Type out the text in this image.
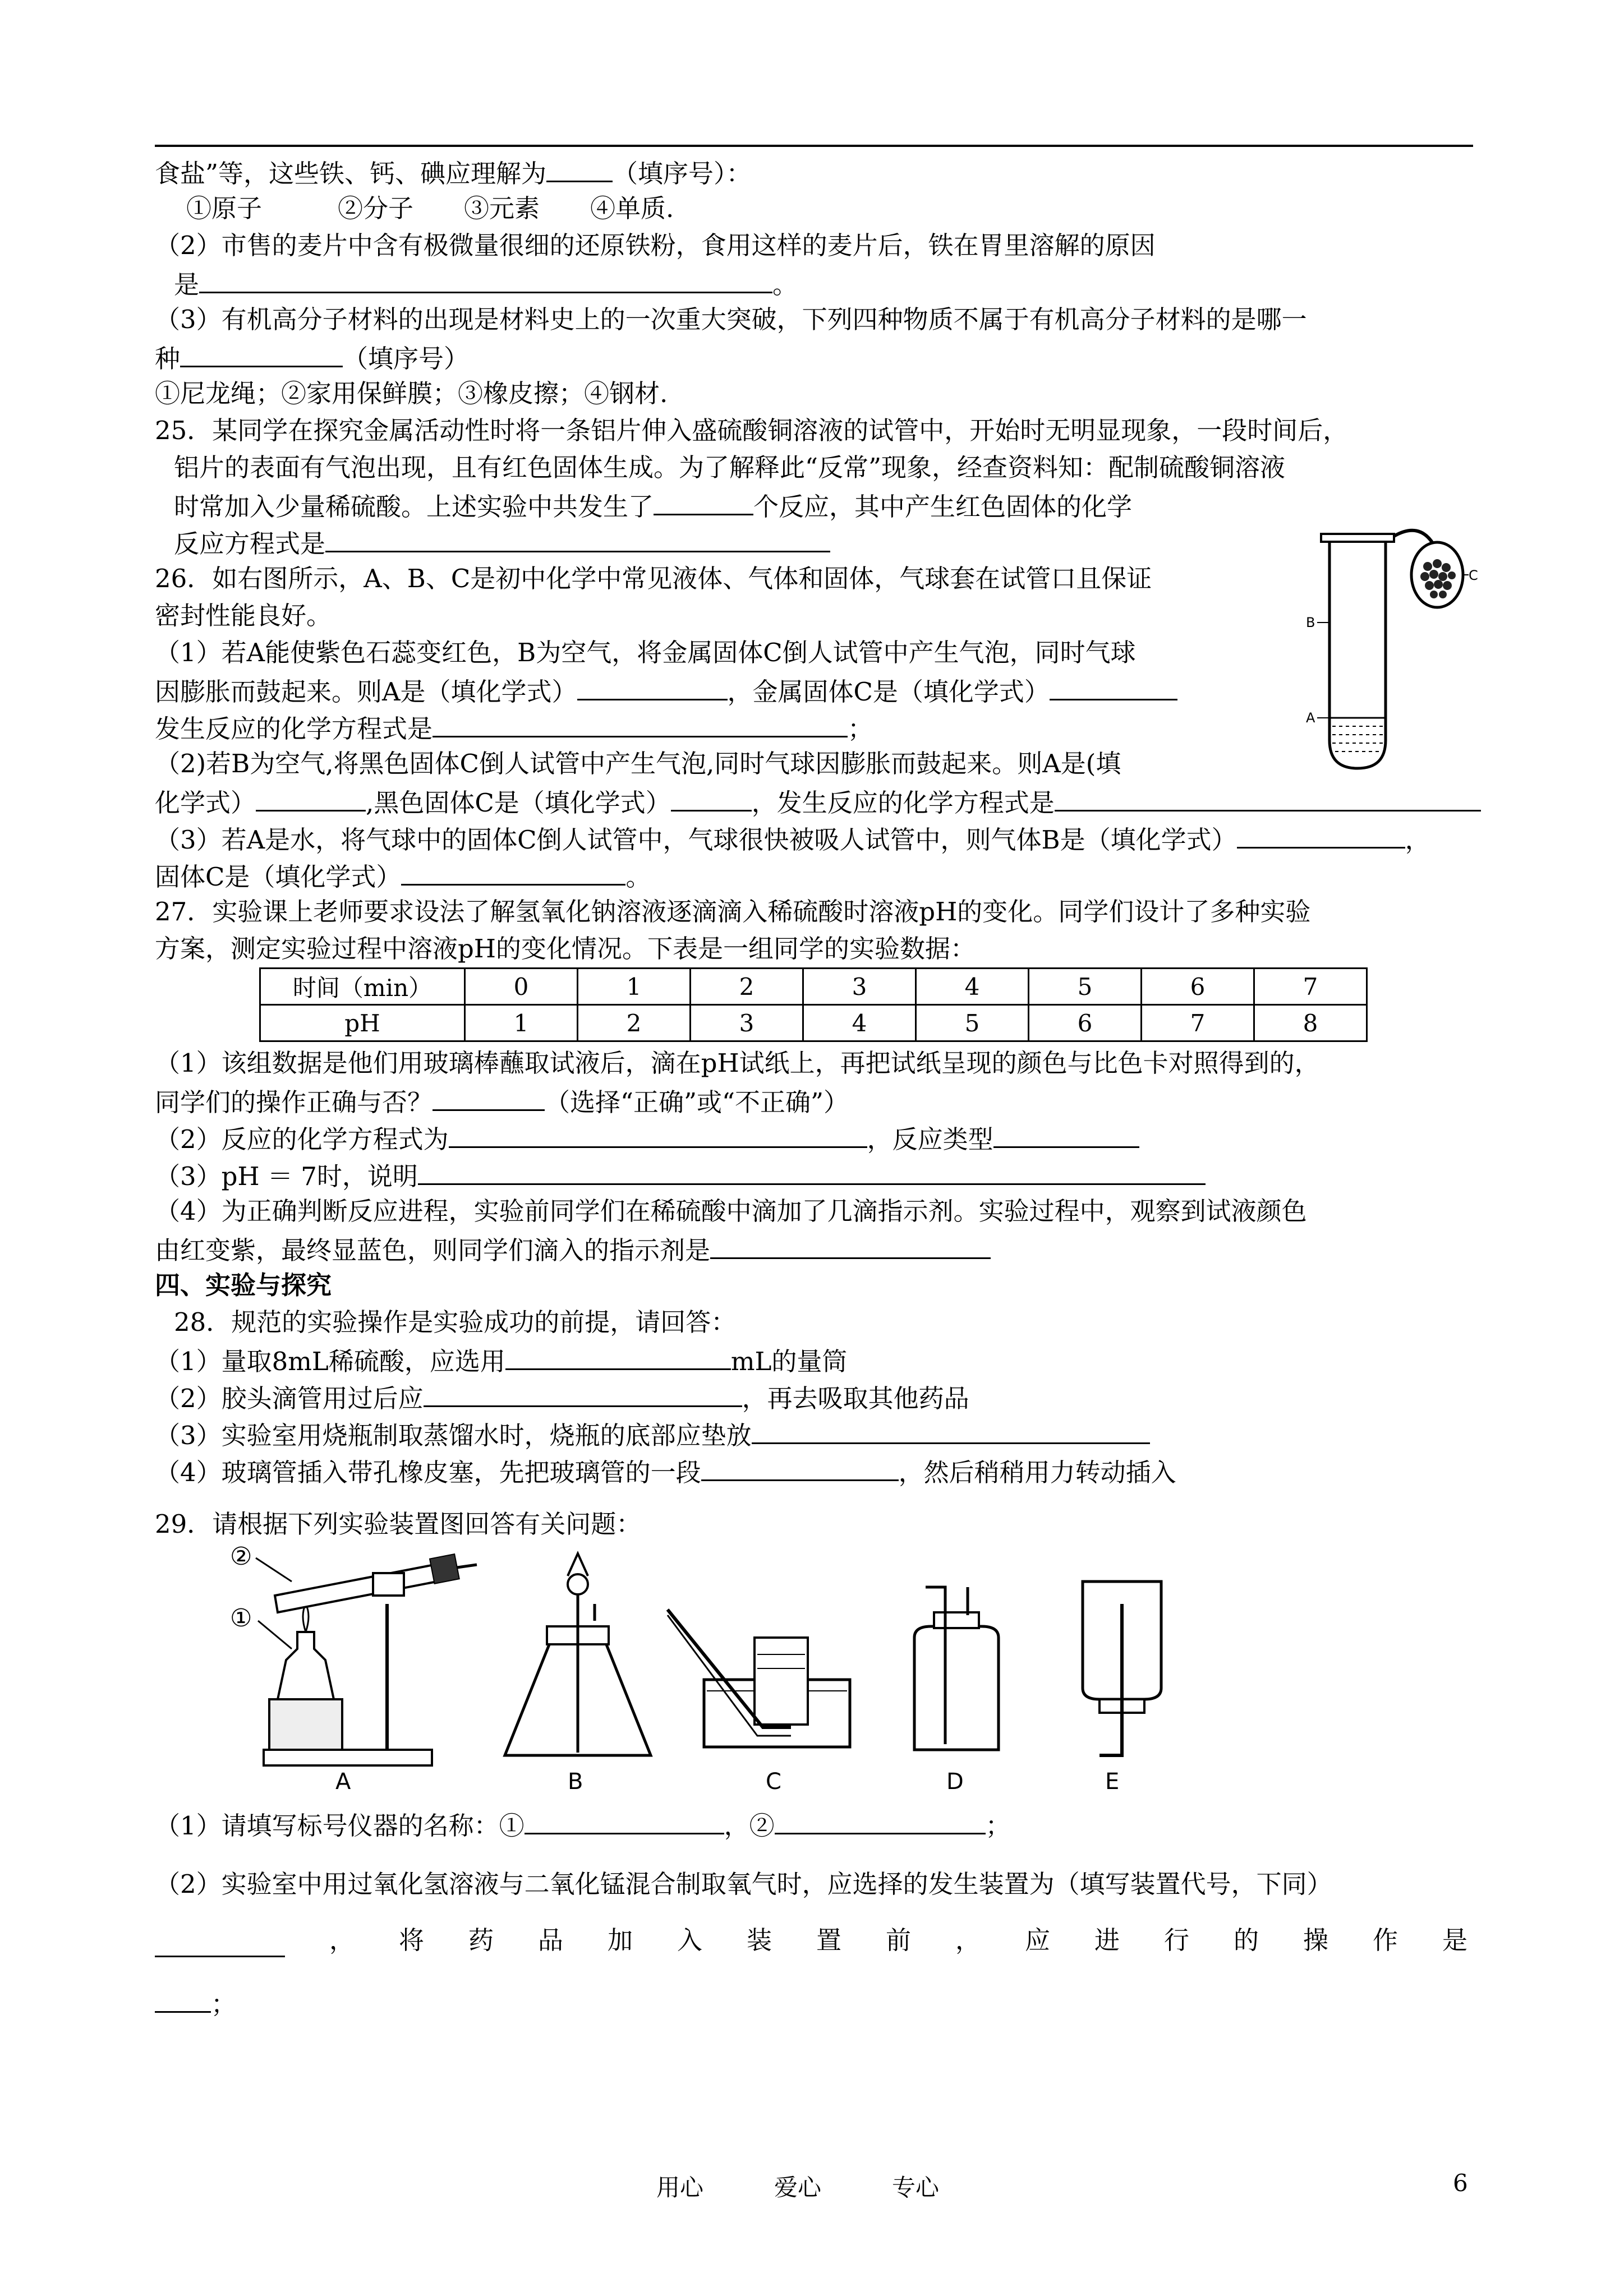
食盐”等，这些铁、钙、碘应理解为	（填序号）：
①原子　　　②分子　　③元素　　④单质.
（2）市售的麦片中含有极微量很细的还原铁粉，食用这样的麦片后，铁在胃里溶解的原因
是	。
（3）有机高分子材料的出现是材料史上的一次重大突破，下列四种物质不属于有机高分子材料的是哪一
种	（填序号）
①尼龙绳；②家用保鲜膜；③橡皮擦；④钢材.
25．某同学在探究金属活动性时将一条铝片伸入盛硫酸铜溶液的试管中，开始时无明显现象，一段时间后，
铝片的表面有气泡出现，且有红色固体生成。为了解释此“反常”现象，经查资料知：配制硫酸铜溶液
时常加入少量稀硫酸。上述实验中共发生了	个反应，其中产生红色固体的化学
反应方程式是
26．如右图所示，A、B、C是初中化学中常见液体、气体和固体，气球套在试管口且保证
密封性能良好。
（1）若A能使紫色石蕊变红色，B为空气，将金属固体C倒人试管中产生气泡，同时气球
因膨胀而鼓起来。则A是（填化学式）	，金属固体C是（填化学式）
发生反应的化学方程式是	；
（2)若B为空气,将黑色固体C倒人试管中产生气泡,同时气球因膨胀而鼓起来。则A是(填
化学式）	,黑色固体C是（填化学式）	，发生反应的化学方程式是
（3）若A是水，将气球中的固体C倒人试管中，气球很快被吸人试管中，则气体B是（填化学式）	，
固体C是（填化学式）	。
C
B
A
27．实验课上老师要求设法了解氢氧化钠溶液逐滴滴入稀硫酸时溶液pH的变化。同学们设计了多种实验
方案，测定实验过程中溶液pH的变化情况。下表是一组同学的实验数据：
时间（min）	0	1	2	3	4	5	6	7
pH	1	2	3	4	5	6	7	8
（1）该组数据是他们用玻璃棒蘸取试液后，滴在pH试纸上，再把试纸呈现的颜色与比色卡对照得到的，
同学们的操作正确与否？	（选择“正确”或“不正确”）
（2）反应的化学方程式为	，反应类型
（3）pH ＝ 7时，说明
（4）为正确判断反应进程，实验前同学们在稀硫酸中滴加了几滴指示剂。实验过程中，观察到试液颜色
由红变紫，最终显蓝色，则同学们滴入的指示剂是
四、实验与探究
28．规范的实验操作是实验成功的前提，请回答：
（1）量取8mL稀硫酸，应选用	mL的量筒
（2）胶头滴管用过后应	，再去吸取其他药品
（3）实验室用烧瓶制取蒸馏水时，烧瓶的底部应垫放
（4）玻璃管插入带孔橡皮塞，先把玻璃管的一段	，然后稍稍用力转动插入
29．请根据下列实验装置图回答有关问题：
②
①
A	B	C	D	E
（1）请填写标号仪器的名称：①	，②	；
（2）实验室中用过氧化氢溶液与二氧化锰混合制取氧气时，应选择的发生装置为（填写装置代号，下同）
， 将 药 品 加 入 装 置 前 ， 应 进 行 的 操 作 是
；
用心　　　爱心　　　专心	6
